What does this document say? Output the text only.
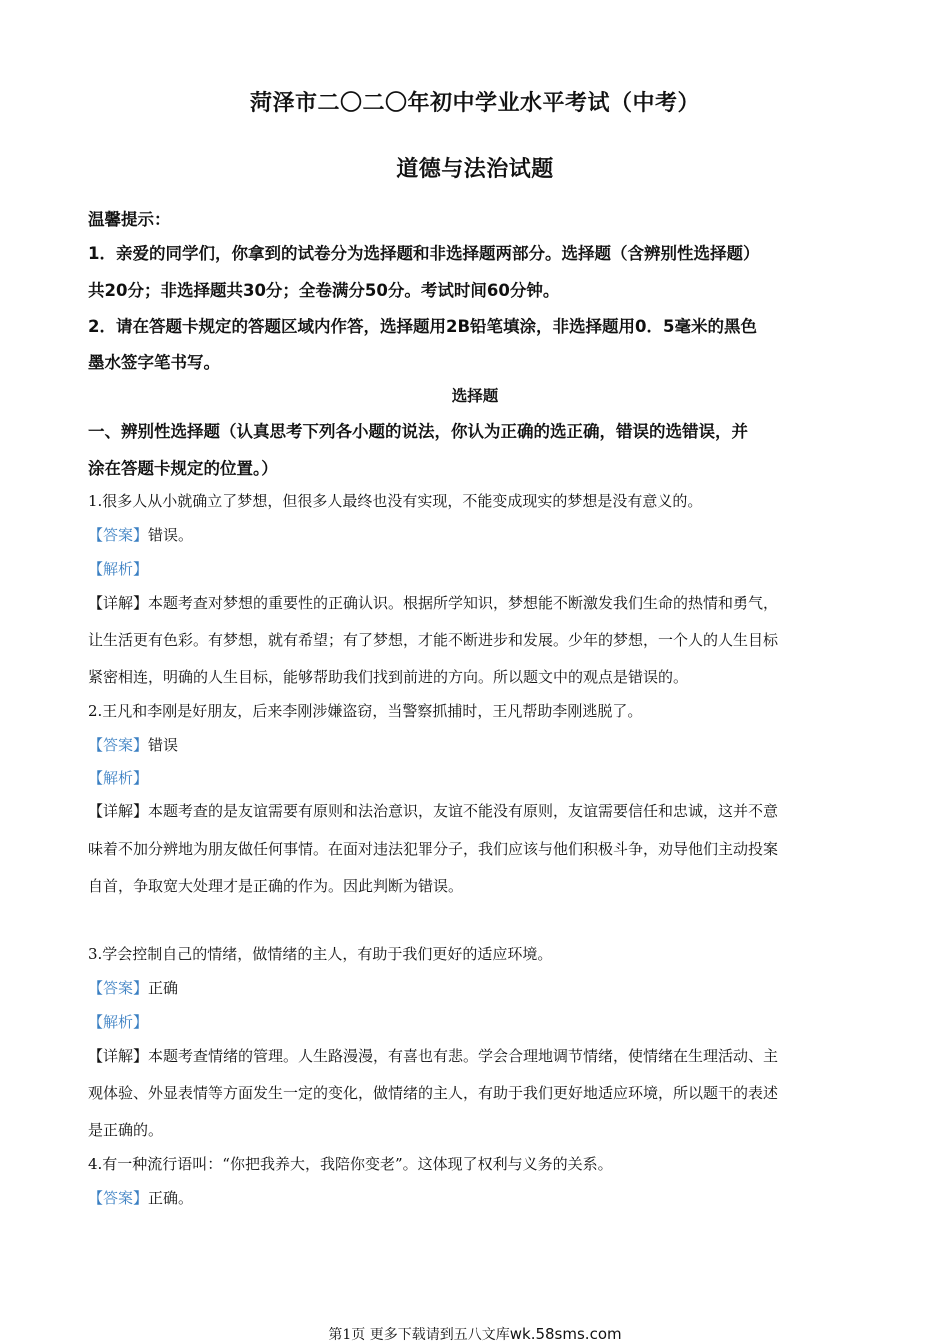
菏泽市二〇二〇年初中学业水平考试（中考）
道德与法治试题
温馨提示：
1．亲爱的同学们，你拿到的试卷分为选择题和非选择题两部分。选择题（含辨别性选择题）
共20分；非选择题共30分；全卷满分50分。考试时间60分钟。
2．请在答题卡规定的答题区域内作答，选择题用2B铅笔填涂，非选择题用0．5毫米的黑色
墨水签字笔书写。
选择题
一、辨别性选择题（认真思考下列各小题的说法，你认为正确的选正确，错误的选错误，并
涂在答题卡规定的位置。）
1.很多人从小就确立了梦想，但很多人最终也没有实现，不能变成现实的梦想是没有意义的。
【答案】错误。
【解析】
【详解】本题考查对梦想的重要性的正确认识。根据所学知识，梦想能不断激发我们生命的热情和勇气，
让生活更有色彩。有梦想，就有希望；有了梦想，才能不断进步和发展。少年的梦想，一个人的人生目标
紧密相连，明确的人生目标，能够帮助我们找到前进的方向。所以题文中的观点是错误的。
2.王凡和李刚是好朋友，后来李刚涉嫌盗窃，当警察抓捕时，王凡帮助李刚逃脱了。
【答案】错误
【解析】
【详解】本题考查的是友谊需要有原则和法治意识，友谊不能没有原则，友谊需要信任和忠诚，这并不意
味着不加分辨地为朋友做任何事情。在面对违法犯罪分子，我们应该与他们积极斗争，劝导他们主动投案
自首，争取宽大处理才是正确的作为。因此判断为错误。
3.学会控制自己的情绪，做情绪的主人，有助于我们更好的适应环境。
【答案】正确
【解析】
【详解】本题考查情绪的管理。人生路漫漫，有喜也有悲。学会合理地调节情绪，使情绪在生理活动、主
观体验、外显表情等方面发生一定的变化，做情绪的主人，有助于我们更好地适应环境，所以题干的表述
是正确的。
4.有一种流行语叫：“你把我养大，我陪你变老”。这体现了权利与义务的关系。
【答案】正确。
第1页 更多下载请到五八文库wk.58sms.com
